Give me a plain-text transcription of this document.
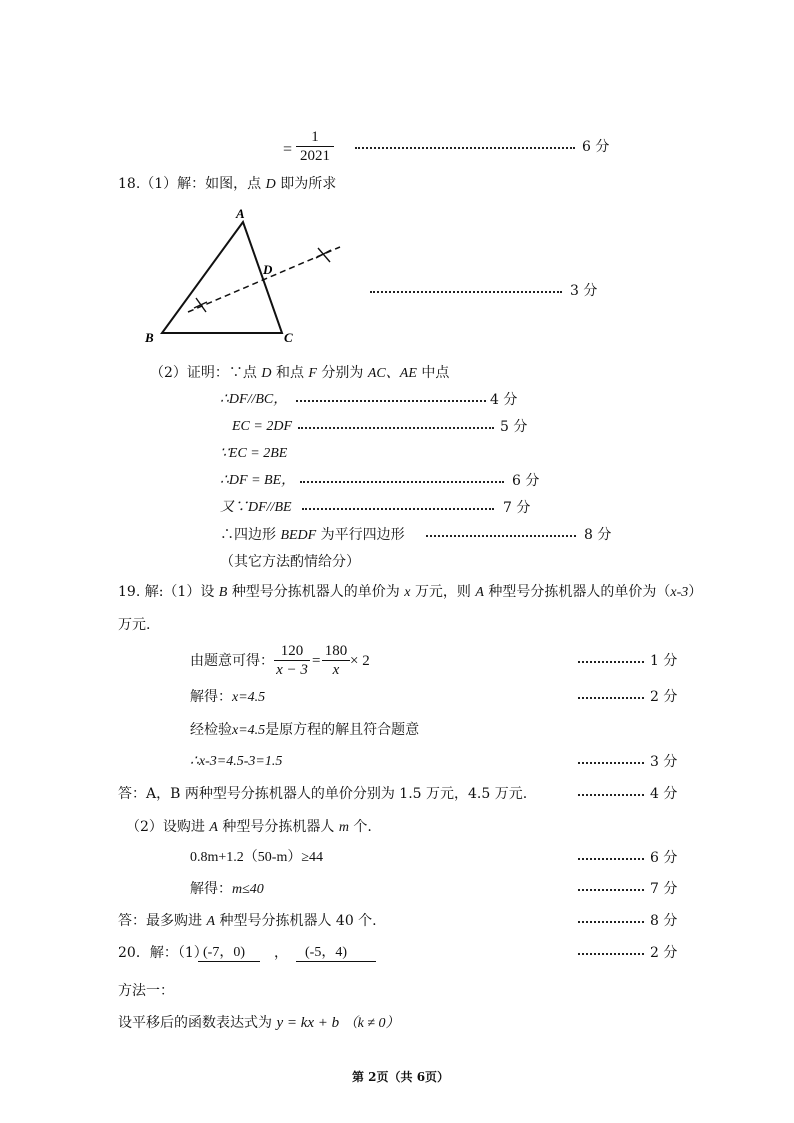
= $\frac{1}{2021}$	6 分
18.（1）解：如图，点 D 即为所求
A
B	C
D
3 分
（2）证明：∵点 D 和点 F 分别为 AC、AE 中点
∴DF//BC，	4 分
EC = 2DF	5 分
∵EC = 2BE
∴DF = BE，	6 分
又∵DF//BE	7 分
∴四边形 BEDF 为平行四边形	8 分
（其它方法酌情给分）
19. 解:（1）设 B 种型号分拣机器人的单价为 x 万元，则 A 种型号分拣机器人的单价为（x-3）
万元.
由题意可得： $\frac{120}{x - 3} = \frac{180}{x} \times 2$	1 分
解得：x=4.5	2 分
经检验x=4.5是原方程的解且符合题意
∴x-3=4.5-3=1.5	3 分
答：A，B 两种型号分拣机器人的单价分别为 1.5 万元，4.5 万元.	4 分
（2）设购进 A 种型号分拣机器人 m 个.
0.8m+1.2（50-m）≥44	6 分
解得：m≤40	7 分
答：最多购进 A 种型号分拣机器人 40 个.	8 分
20．解：（1）
(-7，0) ， (-5，4)	2 分
方法一：
设平移后的函数表达式为 y = kx + b （k ≠ 0）
第 2页（共 6页）
